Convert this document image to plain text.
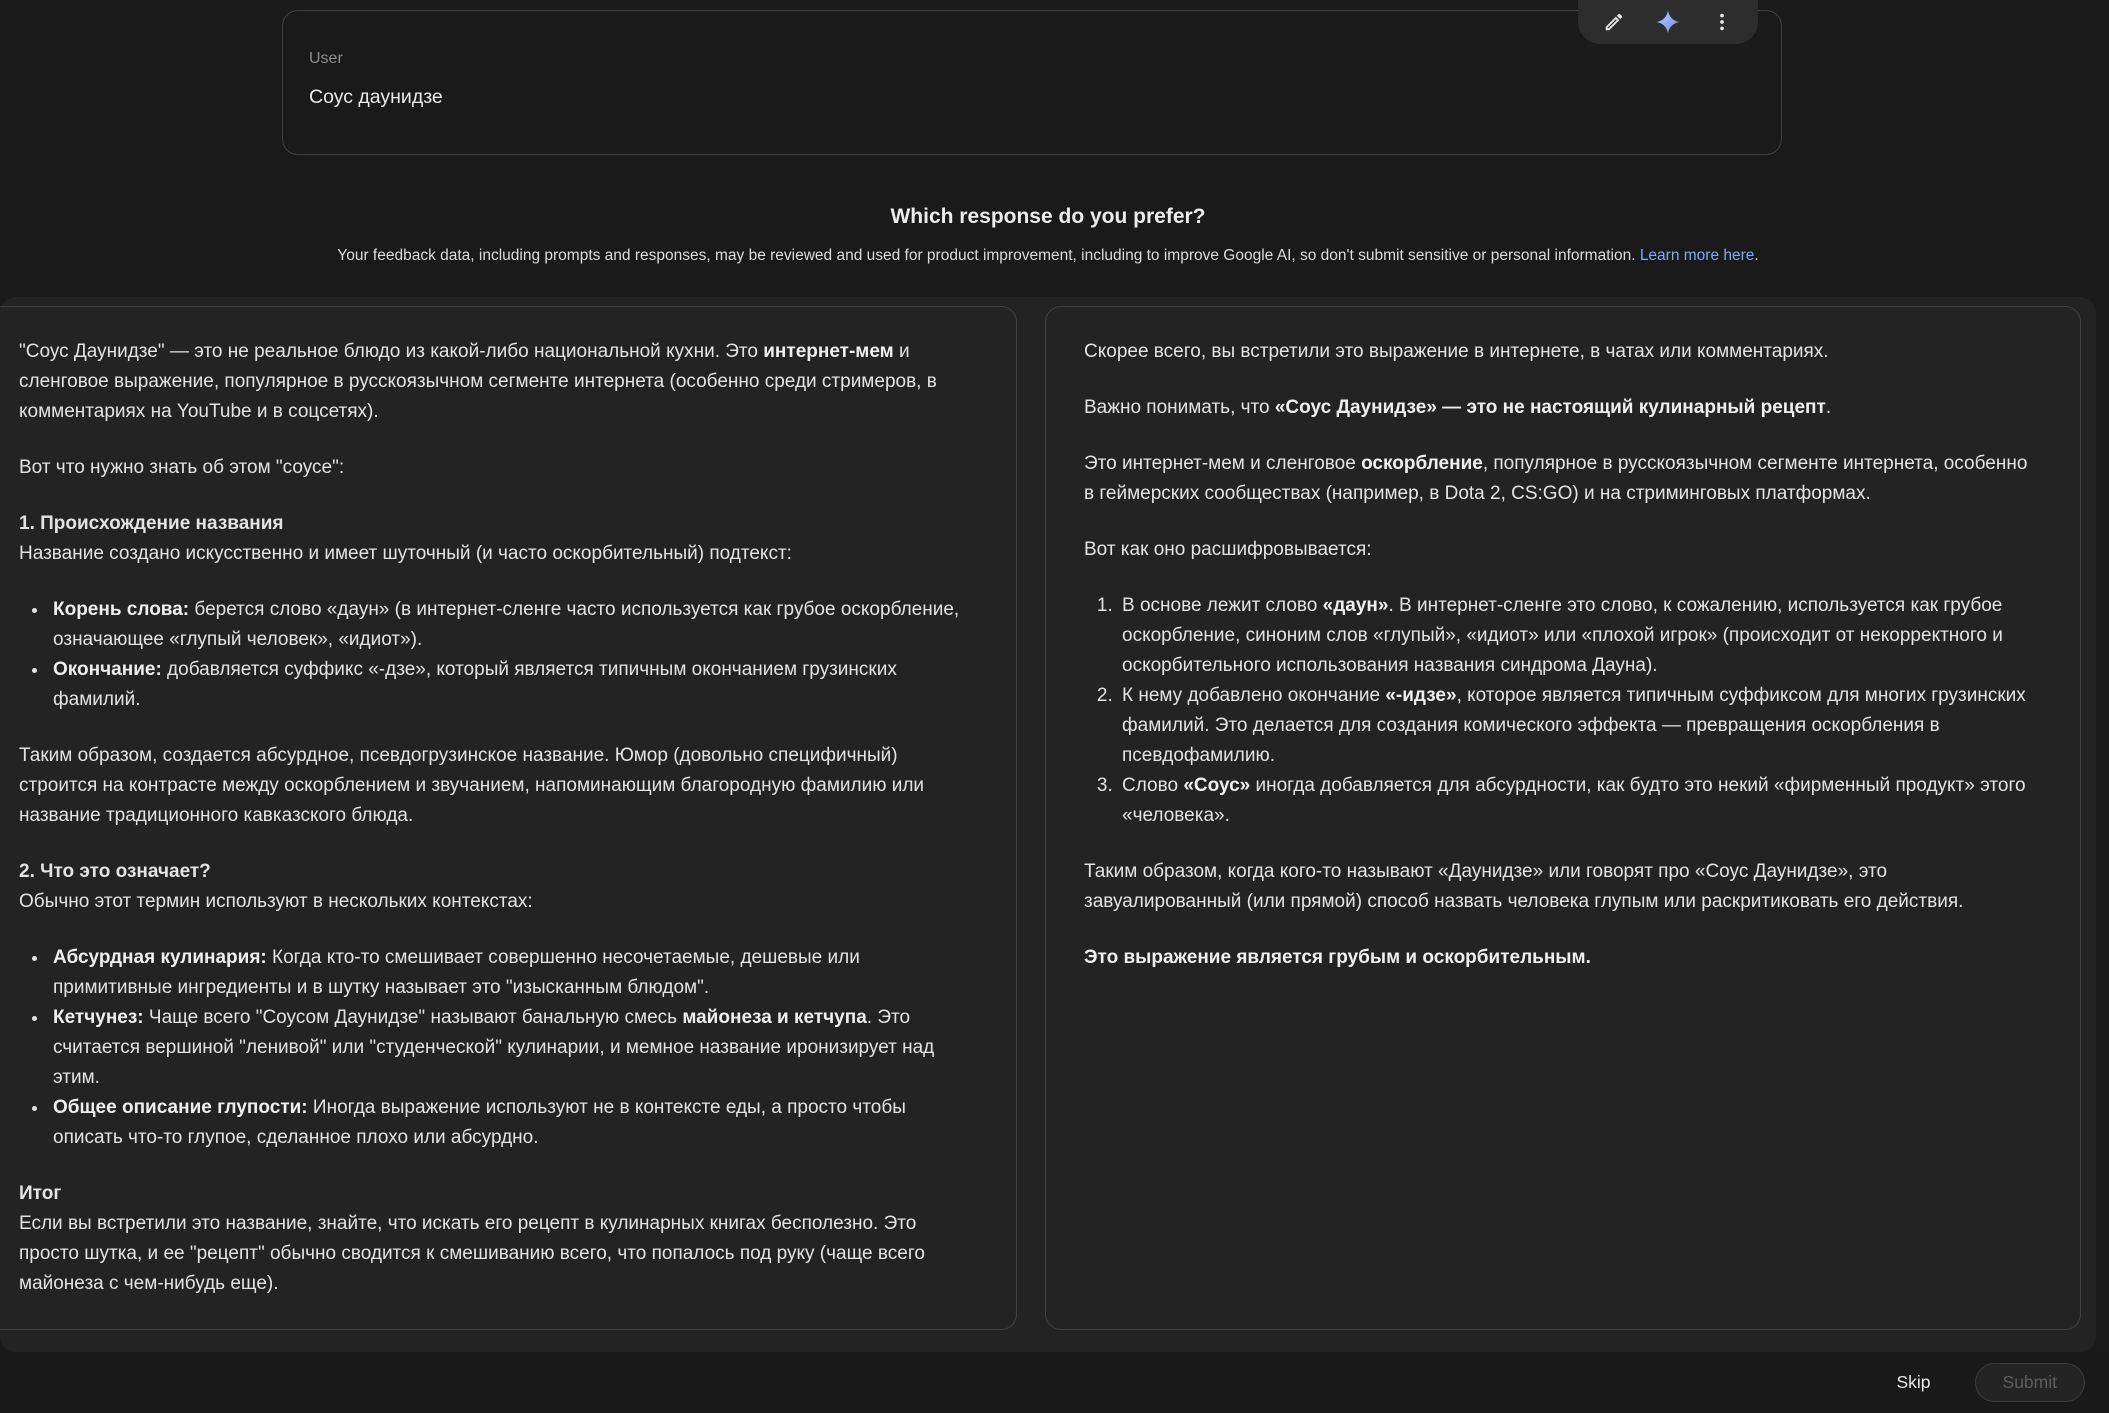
User
Соус даунидзе
Which response do you prefer?
Your feedback data, including prompts and responses, may be reviewed and used for product improvement, including to improve Google AI, so don't submit sensitive or personal information. Learn more here.
"Соус Даунидзе" — это не реальное блюдо из какой-либо национальной кухни. Это интернет-мем и сленговое выражение, популярное в русскоязычном сегменте интернета (особенно среди стримеров, в комментариях на YouTube и в соцсетях).
Вот что нужно знать об этом "соусе":
1. Происхождение названия
Название создано искусственно и имеет шуточный (и часто оскорбительный) подтекст:
• Корень слова: берется слово «даун» (в интернет-сленге часто используется как грубое оскорбление, означающее «глупый человек», «идиот»).
• Окончание: добавляется суффикс «-дзе», который является типичным окончанием грузинских фамилий.
Таким образом, создается абсурдное, псевдогрузинское название. Юмор (довольно специфичный) строится на контрасте между оскорблением и звучанием, напоминающим благородную фамилию или название традиционного кавказского блюда.
2. Что это означает?
Обычно этот термин используют в нескольких контекстах:
• Абсурдная кулинария: Когда кто-то смешивает совершенно несочетаемые, дешевые или примитивные ингредиенты и в шутку называет это "изысканным блюдом".
• Кетчунез: Чаще всего "Соусом Даунидзе" называют банальную смесь майонеза и кетчупа. Это считается вершиной "ленивой" или "студенческой" кулинарии, и мемное название иронизирует над этим.
• Общее описание глупости: Иногда выражение используют не в контексте еды, а просто чтобы описать что-то глупое, сделанное плохо или абсурдно.
Итог
Если вы встретили это название, знайте, что искать его рецепт в кулинарных книгах бесполезно. Это просто шутка, и ее "рецепт" обычно сводится к смешиванию всего, что попалось под руку (чаще всего майонеза с чем-нибудь еще).
Скорее всего, вы встретили это выражение в интернете, в чатах или комментариях.
Важно понимать, что «Соус Даунидзе» — это не настоящий кулинарный рецепт.
Это интернет-мем и сленговое оскорбление, популярное в русскоязычном сегменте интернета, особенно в геймерских сообществах (например, в Dota 2, CS:GO) и на стриминговых платформах.
Вот как оно расшифровывается:
1. В основе лежит слово «даун». В интернет-сленге это слово, к сожалению, используется как грубое оскорбление, синоним слов «глупый», «идиот» или «плохой игрок» (происходит от некорректного и оскорбительного использования названия синдрома Дауна).
2. К нему добавлено окончание «-идзе», которое является типичным суффиксом для многих грузинских фамилий. Это делается для создания комического эффекта — превращения оскорбления в псевдофамилию.
3. Слово «Соус» иногда добавляется для абсурдности, как будто это некий «фирменный продукт» этого «человека».
Таким образом, когда кого-то называют «Даунидзе» или говорят про «Соус Даунидзе», это завуалированный (или прямой) способ назвать человека глупым или раскритиковать его действия.
Это выражение является грубым и оскорбительным.
Skip	Submit
